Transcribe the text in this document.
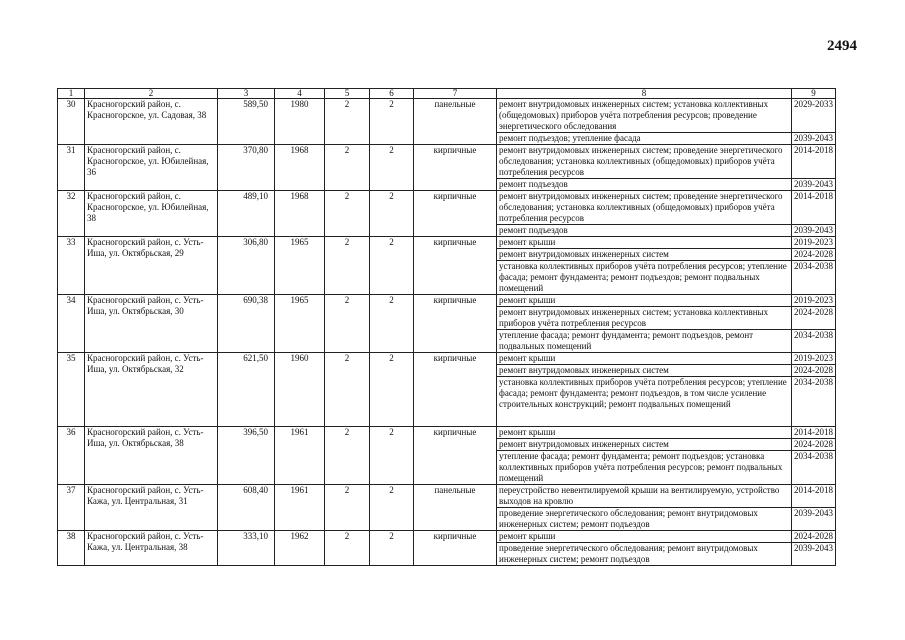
2494
1	2	3	4	5	6	7	8	9
30	Красногорский район, с. Красногорское, ул. Садовая, 38	589,50	1980	2	2	панельные	ремонт внутридомовых инженерных систем; установка коллективных (общедомовых) приборов учёта потребления ресурсов; проведение энергетического обследования	2029-2033
							ремонт подъездов; утепление фасада	2039-2043
31	Красногорский район, с. Красногорское, ул. Юбилейная, 36	370,80	1968	2	2	кирпичные	ремонт внутридомовых инженерных систем; проведение энергетического обследования; установка коллективных (общедомовых) приборов учёта потребления ресурсов	2014-2018
							ремонт подъездов	2039-2043
32	Красногорский район, с. Красногорское, ул. Юбилейная, 38	489,10	1968	2	2	кирпичные	ремонт внутридомовых инженерных систем; проведение энергетического обследования; установка коллективных (общедомовых) приборов учёта потребления ресурсов	2014-2018
							ремонт подъездов	2039-2043
33	Красногорский район, с. Усть-Иша, ул. Октябрьская, 29	306,80	1965	2	2	кирпичные	ремонт крыши	2019-2023
							ремонт внутридомовых инженерных систем	2024-2028
							установка коллективных приборов учёта потребления ресурсов; утепление фасада; ремонт фундамента; ремонт подъездов; ремонт подвальных помещений	2034-2038
34	Красногорский район, с. Усть-Иша, ул. Октябрьская, 30	690,38	1965	2	2	кирпичные	ремонт крыши	2019-2023
							ремонт внутридомовых инженерных систем; установка коллективных приборов учёта потребления ресурсов	2024-2028
							утепление фасада; ремонт фундамента; ремонт подъездов, ремонт подвальных помещений	2034-2038
35	Красногорский район, с. Усть-Иша, ул. Октябрьская, 32	621,50	1960	2	2	кирпичные	ремонт крыши	2019-2023
							ремонт внутридомовых инженерных систем	2024-2028
							установка коллективных приборов учёта потребления ресурсов; утепление фасада; ремонт фундамента; ремонт подъездов, в том числе усиление строительных конструкций; ремонт подвальных помещений	2034-2038
36	Красногорский район, с. Усть-Иша, ул. Октябрьская, 38	396,50	1961	2	2	кирпичные	ремонт крыши	2014-2018
							ремонт внутридомовых инженерных систем	2024-2028
							утепление фасада; ремонт фундамента; ремонт подъездов; установка коллективных приборов учёта потребления ресурсов; ремонт подвальных помещений	2034-2038
37	Красногорский район, с. Усть-Кажа, ул. Центральная, 31	608,40	1961	2	2	панельные	переустройство невентилируемой крыши на вентилируемую, устройство выходов на кровлю	2014-2018
							проведение энергетического обследования; ремонт внутридомовых инженерных систем; ремонт подъездов	2039-2043
38	Красногорский район, с. Усть-Кажа, ул. Центральная, 38	333,10	1962	2	2	кирпичные	ремонт крыши	2024-2028
							проведение энергетического обследования; ремонт внутридомовых инженерных систем; ремонт подъездов	2039-2043
